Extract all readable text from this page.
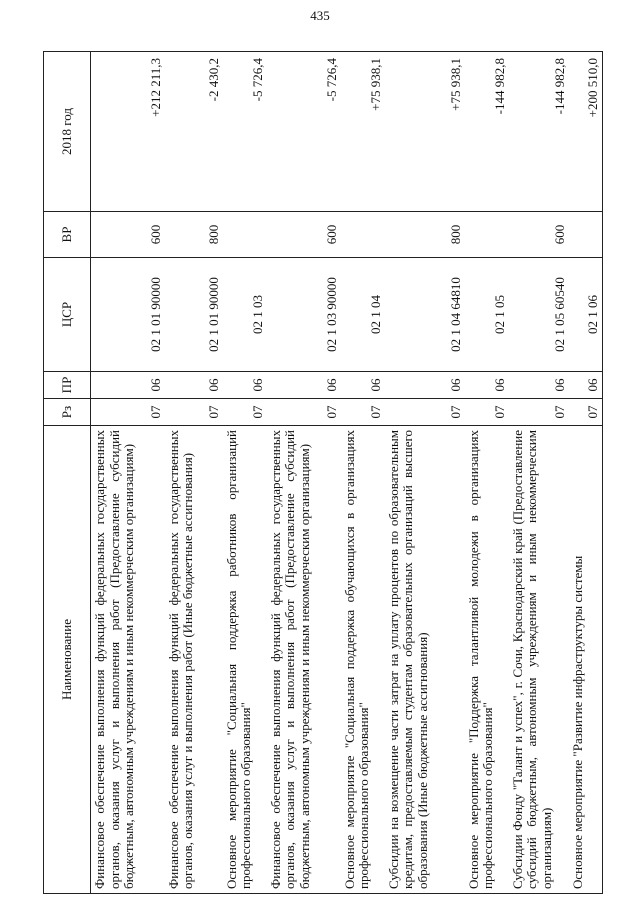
435
Наименование	Рз	ПР	ЦСР	ВР	2018 год
Финансовое обеспечение выполнения функций федеральных государственных органов, оказания услуг и выполнения работ (Предоставление субсидий бюджетным, автономным учреждениям и иным некоммерческим организациям)	07	06	02 1 01 90000	600	+212 211,3
Финансовое обеспечение выполнения функций федеральных государственных органов, оказания услуг и выполнения работ (Иные бюджетные ассигнования)	07	06	02 1 01 90000	800	-2 430,2
Основное мероприятие "Социальная поддержка работников организаций профессионального образования"	07	06	02 1 03		-5 726,4
Финансовое обеспечение выполнения функций федеральных государственных органов, оказания услуг и выполнения работ (Предоставление субсидий бюджетным, автономным учреждениям и иным некоммерческим организациям)	07	06	02 1 03 90000	600	-5 726,4
Основное мероприятие "Социальная поддержка обучающихся в организациях профессионального образования"	07	06	02 1 04		+75 938,1
Субсидии на возмещение части затрат на уплату процентов по образовательным кредитам, предоставляемым студентам образовательных организаций высшего образования (Иные бюджетные ассигнования)	07	06	02 1 04 64810	800	+75 938,1
Основное мероприятие "Поддержка талантливой молодежи в организациях профессионального образования"	07	06	02 1 05		-144 982,8
Субсидии Фонду "Талант и успех", г. Сочи, Краснодарский край (Предоставление субсидий бюджетным, автономным учреждениям и иным некоммерческим организациям)	07	06	02 1 05 60540	600	-144 982,8
Основное мероприятие "Развитие инфраструктуры системы	07	06	02 1 06		+200 510,0
